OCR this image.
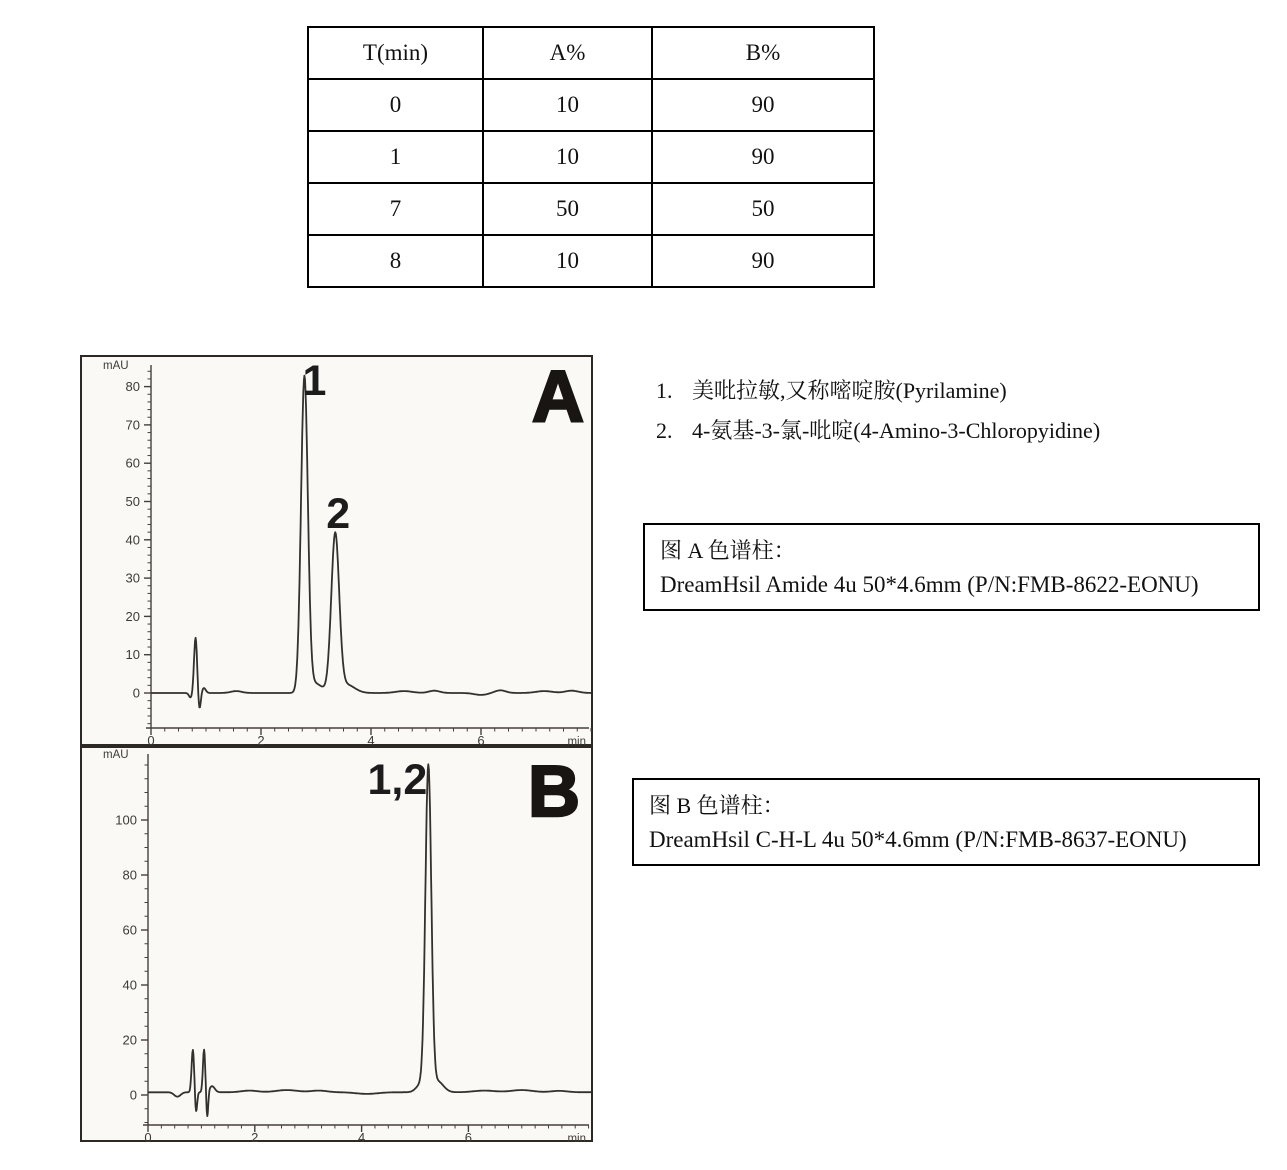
T(min)	A%	B%
0	10	90
1	10	90
7	50	50
8	10	90
0
10
20
30
40
50
60
70
80
mAU
0	2	4	6	min
1
2
A
0
20
40
60
80
100
mAU
0	2	4	6	min
1,2 B
1. 美吡拉敏,又称嘧啶胺(Pyrilamine)
2. 4-氨基-3-氯-吡啶(4-Amino-3-Chloropyidine)
图 A 色谱柱：
DreamHsil Amide 4u 50*4.6mm (P/N:FMB-8622-EONU)
图 B 色谱柱：
DreamHsil C-H-L 4u 50*4.6mm (P/N:FMB-8637-EONU)
